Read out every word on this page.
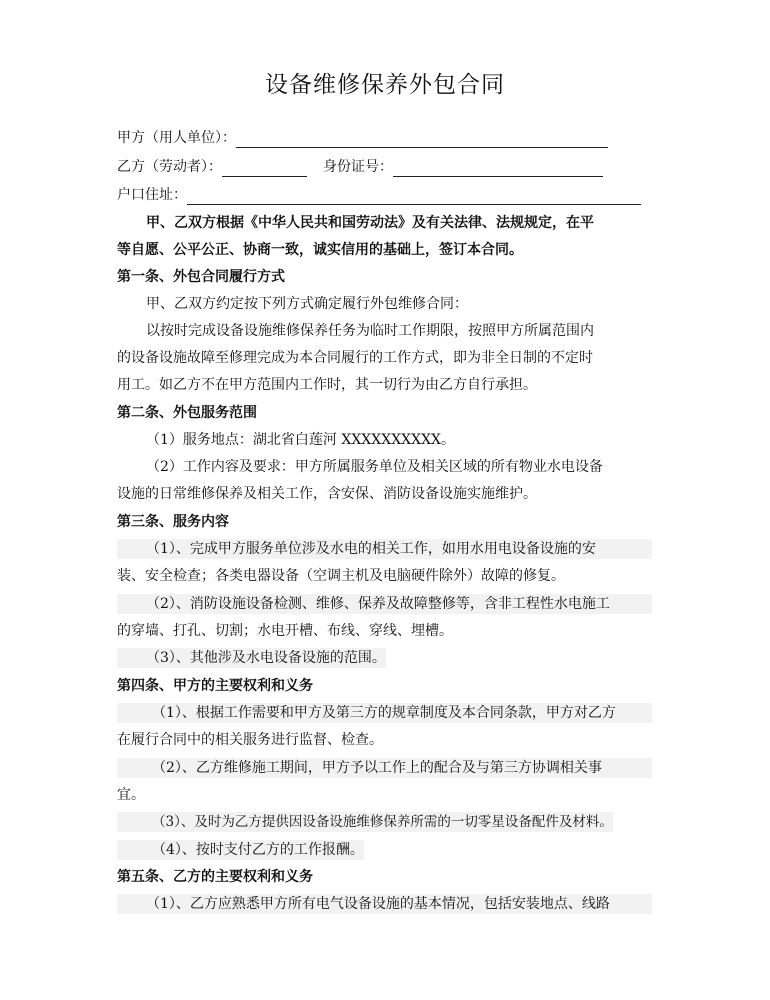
设备维修保养外包合同
甲方（用人单位）：
乙方（劳动者）：	身份证号：
户口住址：
甲、乙双方根据《中华人民共和国劳动法》及有关法律、法规规定，在平
等自愿、公平公正、协商一致，诚实信用的基础上，签订本合同。
第一条、外包合同履行方式
甲、乙双方约定按下列方式确定履行外包维修合同：
以按时完成设备设施维修保养任务为临时工作期限，按照甲方所属范围内
的设备设施故障至修理完成为本合同履行的工作方式，即为非全日制的不定时
用工。如乙方不在甲方范围内工作时，其一切行为由乙方自行承担。
第二条、外包服务范围
（1）服务地点：湖北省白莲河 XXXXXXXXXX。
（2）工作内容及要求：甲方所属服务单位及相关区域的所有物业水电设备
设施的日常维修保养及相关工作，含安保、消防设备设施实施维护。
第三条、服务内容
（1）、完成甲方服务单位涉及水电的相关工作，如用水用电设备设施的安
装、安全检查；各类电器设备（空调主机及电脑硬件除外）故障的修复。
（2）、消防设施设备检测、维修、保养及故障整修等，含非工程性水电施工
的穿墙、打孔、切割；水电开槽、布线、穿线、埋槽。
（3）、其他涉及水电设备设施的范围。
第四条、甲方的主要权利和义务
（1）、根据工作需要和甲方及第三方的规章制度及本合同条款，甲方对乙方
在履行合同中的相关服务进行监督、检查。
（2）、乙方维修施工期间，甲方予以工作上的配合及与第三方协调相关事
宜。
（3）、及时为乙方提供因设备设施维修保养所需的一切零星设备配件及材料。
（4）、按时支付乙方的工作报酬。
第五条、乙方的主要权利和义务
（1）、乙方应熟悉甲方所有电气设备设施的基本情况，包括安装地点、线路
